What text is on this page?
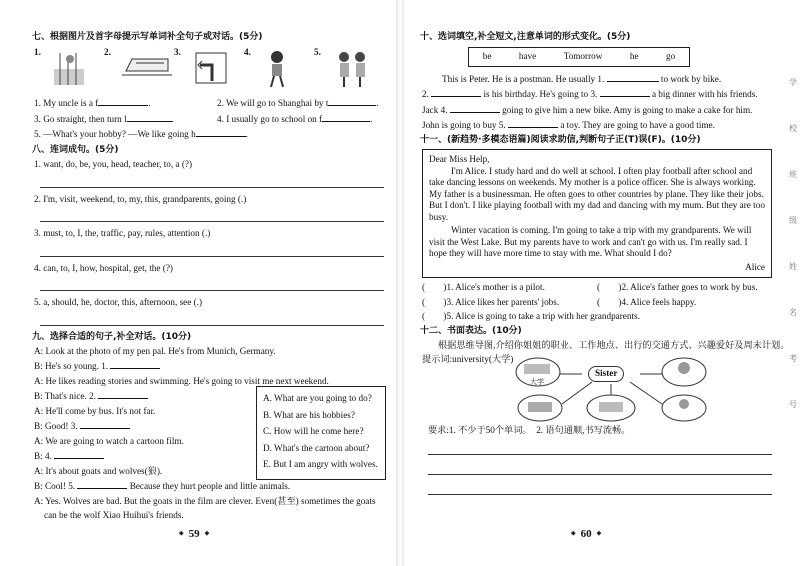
七、根据图片及首字母提示写单词补全句子或对话。(5分)
1.	2.	3.	4.	5.
1. My uncle is a f	.	2. We will go to Shanghai by t	.
3. Go straight, then turn l	.	4. I usually go to school on f	.
5. —What's your hobby? —We like going h	.
八、连词成句。(5分)
1. want, do, be, you, head, teacher, to, a (?)
2. I'm, visit, weekend, to, my, this, grandparents, going (.)
3. must, to, I, the, traffic, pay, rules, attention (.)
4. can, to, I, how, hospital, get, the (?)
5. a, should, he, doctor, this, afternoon, see (.)
九、选择合适的句子,补全对话。(10分)
A: Look at the photo of my pen pal. He's from Munich, Germany.
B: He's so young. 1.
A: He likes reading stories and swimming. He's going to visit me next weekend.
B: That's nice. 2.
A: He'll come by bus. It's not far.
B: Good! 3.
A: We are going to watch a cartoon film.
B: 4.
A: It's about goats and wolves(狼).
B: Cool! 5.	Because they hurt people and little animals.
A: Yes. Wolves are bad. But the goats in the film are clever. Even(甚至) sometimes the goats
can be the wolf Xiao Huihui's friends.
᛭ 59 ᛭
A. What are you going to do?
B. What are his hobbies?
C. How will he come here?
D. What's the cartoon about?
E. But I am angry with wolves.
十、选词填空,补全短文,注意单词的形式变化。(5分)
be	have	Tomorrow	he	go
This is Peter. He is a postman. He usually 1.	to work by bike.
2.	is his birthday. He's going to 3.	a big dinner with his friends.
Jack 4.	going to give him a new bike. Amy is going to make a cake for him.
John is going to buy 5.	a toy. They are going to have a good time.
十一、(新趋势·多模态语篇)阅读求助信,判断句子正(T)误(F)。(10分)
Dear Miss Help,

I'm Alice. I study hard and do well at school. I often play football after school and take dancing lessons on weekends. My mother is a police officer. She is always working. My father is a businessman. He often goes to other countries by plane. They like their jobs. But I don't. I like playing football with my dad and dancing with my mum. But they are too busy.

Winter vacation is coming. I'm going to take a trip with my grandparents. We will visit the West Lake. But my parents have to work and can't go with us. I'm really sad. I hope they will have more time to stay with me. What should I do?

Alice
(　　)1. Alice's mother is a pilot.	(　　)2. Alice's father goes to work by bus.
(　　)3. Alice likes her parents' jobs.	(　　)4. Alice feels happy.
(　　)5. Alice is going to take a trip with her grandparents.
十二、书面表达。(10分)
根据思维导图,介绍你姐姐的职业、工作地点、出行的交通方式、兴趣爱好及周末计划。
提示词:university(大学)
大学
Sister
要求:1. 不少于50个单词。　2. 语句通顺,书写流畅。
᛭ 60 ᛭
学
校
班
级
姓
名
考
号
